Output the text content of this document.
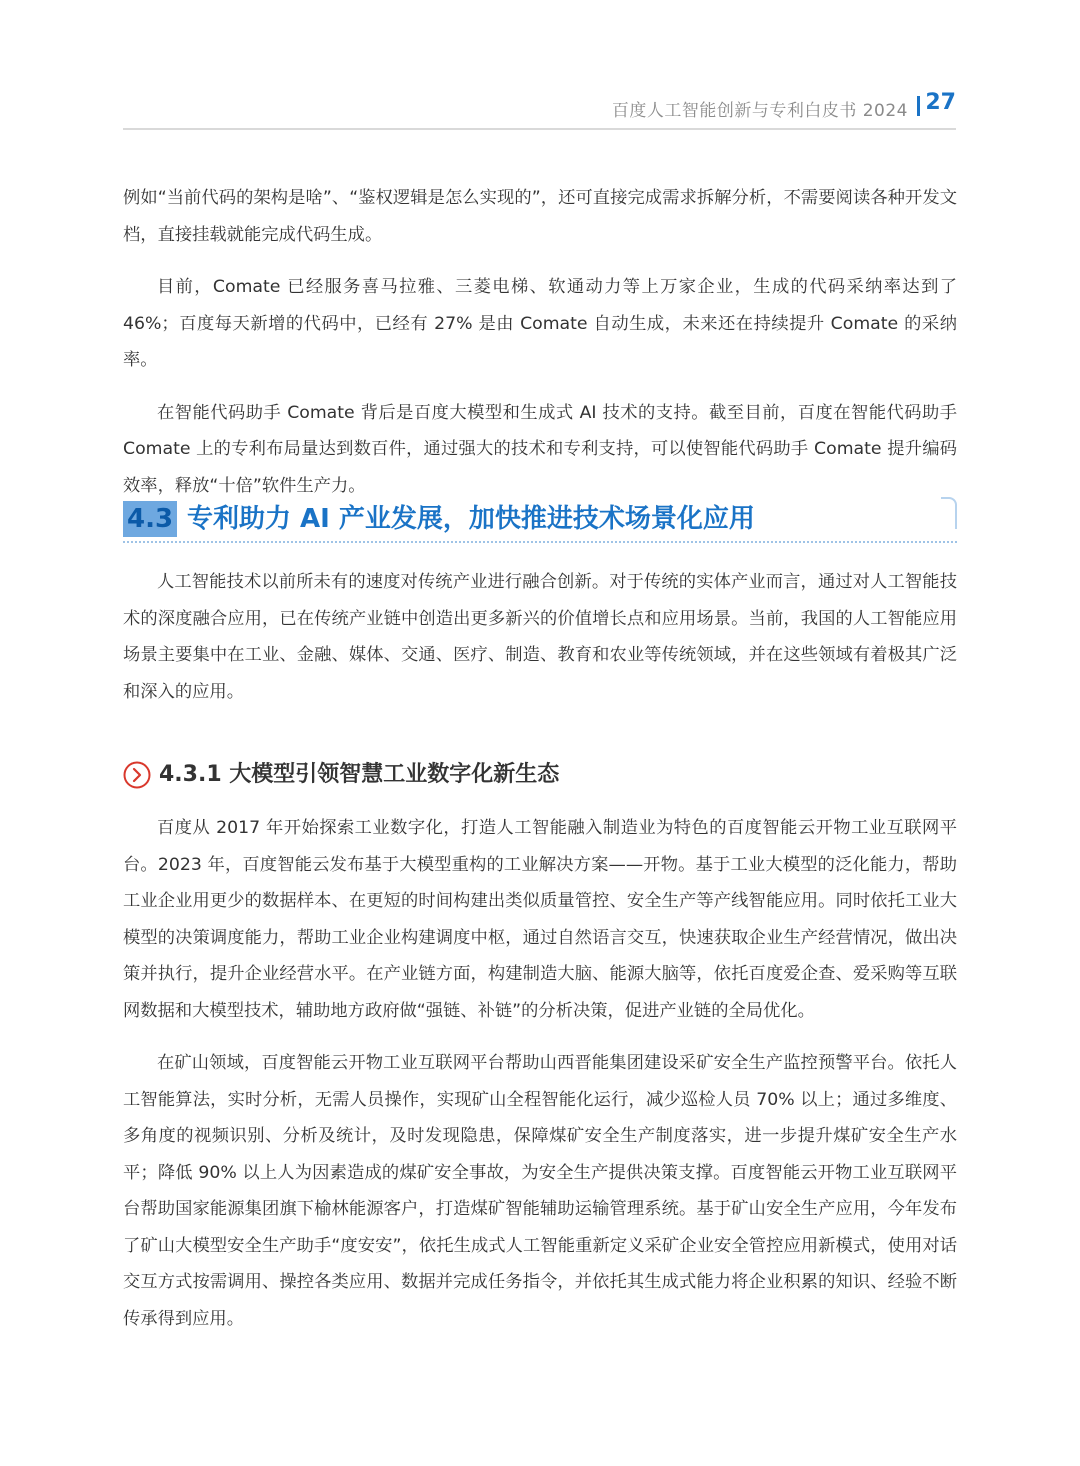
百度人工智能创新与专利白皮书 2024 27

例如“当前代码的架构是啥”、“鉴权逻辑是怎么实现的”，还可直接完成需求拆解分析，不需要阅读各种开发文档，直接挂载就能完成代码生成。

目前，Comate 已经服务喜马拉雅、三菱电梯、软通动力等上万家企业，生成的代码采纳率达到了46%；百度每天新增的代码中，已经有 27% 是由 Comate 自动生成，未来还在持续提升 Comate 的采纳率。

在智能代码助手 Comate 背后是百度大模型和生成式 AI 技术的支持。截至目前，百度在智能代码助手 Comate 上的专利布局量达到数百件，通过强大的技术和专利支持，可以使智能代码助手 Comate 提升编码效率，释放“十倍”软件生产力。

4.3 专利助力 AI 产业发展，加快推进技术场景化应用

人工智能技术以前所未有的速度对传统产业进行融合创新。对于传统的实体产业而言，通过对人工智能技术的深度融合应用，已在传统产业链中创造出更多新兴的价值增长点和应用场景。当前，我国的人工智能应用场景主要集中在工业、金融、媒体、交通、医疗、制造、教育和农业等传统领域，并在这些领域有着极其广泛和深入的应用。

4.3.1 大模型引领智慧工业数字化新生态

百度从 2017 年开始探索工业数字化，打造人工智能融入制造业为特色的百度智能云开物工业互联网平台。2023 年，百度智能云发布基于大模型重构的工业解决方案——开物。基于工业大模型的泛化能力，帮助工业企业用更少的数据样本、在更短的时间构建出类似质量管控、安全生产等产线智能应用。同时依托工业大模型的决策调度能力，帮助工业企业构建调度中枢，通过自然语言交互，快速获取企业生产经营情况，做出决策并执行，提升企业经营水平。在产业链方面，构建制造大脑、能源大脑等，依托百度爱企查、爱采购等互联网数据和大模型技术，辅助地方政府做“强链、补链”的分析决策，促进产业链的全局优化。

在矿山领域，百度智能云开物工业互联网平台帮助山西晋能集团建设采矿安全生产监控预警平台。依托人工智能算法，实时分析，无需人员操作，实现矿山全程智能化运行，减少巡检人员 70% 以上；通过多维度、多角度的视频识别、分析及统计，及时发现隐患，保障煤矿安全生产制度落实，进一步提升煤矿安全生产水平；降低 90% 以上人为因素造成的煤矿安全事故，为安全生产提供决策支撑。百度智能云开物工业互联网平台帮助国家能源集团旗下榆林能源客户，打造煤矿智能辅助运输管理系统。基于矿山安全生产应用，今年发布了矿山大模型安全生产助手“度安安”，依托生成式人工智能重新定义采矿企业安全管控应用新模式，使用对话交互方式按需调用、操控各类应用、数据并完成任务指令，并依托其生成式能力将企业积累的知识、经验不断传承得到应用。
